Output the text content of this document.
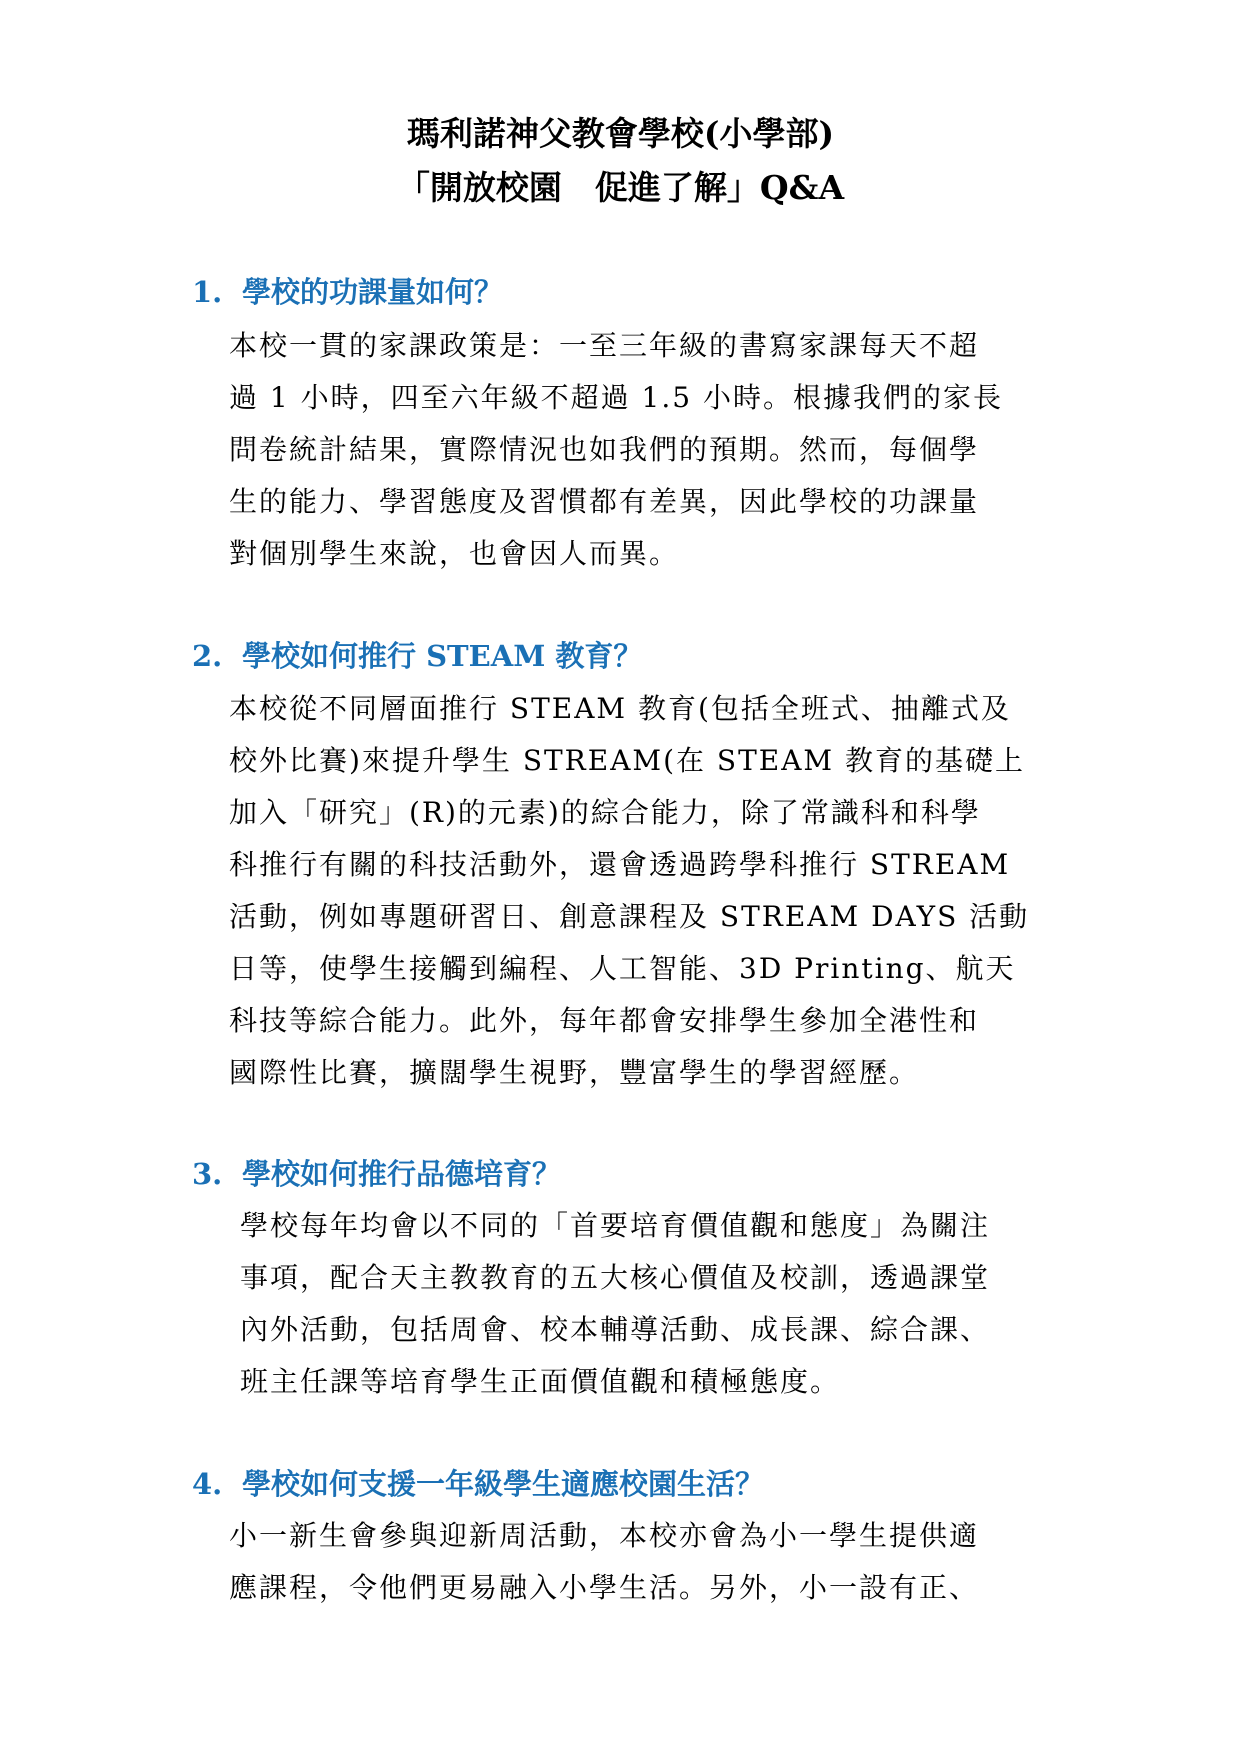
瑪利諾神父教會學校(小學部)
「開放校園　促進了解」Q&A
1. 學校的功課量如何？
本校一貫的家課政策是：一至三年級的書寫家課每天不超
過 1 小時，四至六年級不超過 1.5 小時。根據我們的家長
問卷統計結果，實際情況也如我們的預期。然而，每個學
生的能力、學習態度及習慣都有差異，因此學校的功課量
對個別學生來說，也會因人而異。
2. 學校如何推行 STEAM 教育？
本校從不同層面推行 STEAM 教育(包括全班式、抽離式及
校外比賽)來提升學生 STREAM(在 STEAM 教育的基礎上
加入「研究」(R)的元素)的綜合能力，除了常識科和科學
科推行有關的科技活動外，還會透過跨學科推行 STREAM
活動，例如專題研習日、創意課程及 STREAM DAYS 活動
日等，使學生接觸到編程、人工智能、3D Printing、航天
科技等綜合能力。此外，每年都會安排學生參加全港性和
國際性比賽，擴闊學生視野，豐富學生的學習經歷。
3. 學校如何推行品德培育？
學校每年均會以不同的「首要培育價值觀和態度」為關注
事項，配合天主教教育的五大核心價值及校訓，透過課堂
內外活動，包括周會、校本輔導活動、成長課、綜合課、
班主任課等培育學生正面價值觀和積極態度。
4. 學校如何支援一年級學生適應校園生活？
小一新生會參與迎新周活動，本校亦會為小一學生提供適
應課程，令他們更易融入小學生活。另外，小一設有正、
